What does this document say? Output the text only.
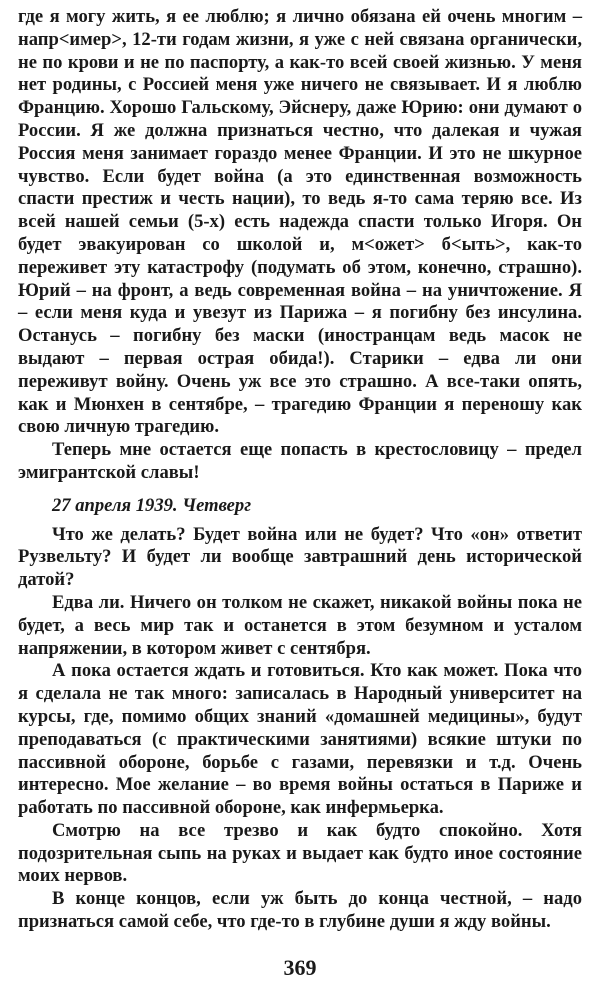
где я могу жить, я ее люблю; я лично обязана ей очень многим – напр<имер>, 12-ти годам жизни, я уже с ней связана органически, не по крови и не по паспорту, а как-то всей своей жизнью. У меня нет родины, с Россией меня уже ничего не связывает. И я люблю Францию. Хорошо Гальскому, Эйснеру, даже Юрию: они думают о России. Я же должна признаться честно, что далекая и чужая Россия меня занимает гораздо менее Франции. И это не шкурное чувство. Если будет война (а это единственная возможность спасти престиж и честь нации), то ведь я-то сама теряю все. Из всей нашей семьи (5-х) есть надежда спасти только Игоря. Он будет эвакуирован со школой и, м<ожет> б<ыть>, как-то переживет эту катастрофу (подумать об этом, конечно, страшно). Юрий – на фронт, а ведь современная война – на уничтожение. Я – если меня куда и увезут из Парижа – я погибну без инсулина. Останусь – погибну без маски (иностранцам ведь масок не выдают – первая острая обида!). Старики – едва ли они переживут войну. Очень уж все это страшно. А все-таки опять, как и Мюнхен в сентябре, – трагедию Франции я переношу как свою личную трагедию.

Теперь мне остается еще попасть в крестословицу – предел эмигрантской славы!

27 апреля 1939. Четверг

Что же делать? Будет война или не будет? Что «он» ответит Рузвельту? И будет ли вообще завтрашний день исторической датой?

Едва ли. Ничего он толком не скажет, никакой войны пока не будет, а весь мир так и останется в этом безумном и усталом напряжении, в котором живет с сентября.

А пока остается ждать и готовиться. Кто как может. Пока что я сделала не так много: записалась в Народный университет на курсы, где, помимо общих знаний «домашней медицины», будут преподаваться (с практическими занятиями) всякие штуки по пассивной обороне, борьбе с газами, перевязки и т.д. Очень интересно. Мое желание – во время войны остаться в Париже и работать по пассивной обороне, как инфермьерка.

Смотрю на все трезво и как будто спокойно. Хотя подозрительная сыпь на руках и выдает как будто иное состояние моих нервов.

В конце концов, если уж быть до конца честной, – надо признаться самой себе, что где-то в глубине души я жду войны.

369
